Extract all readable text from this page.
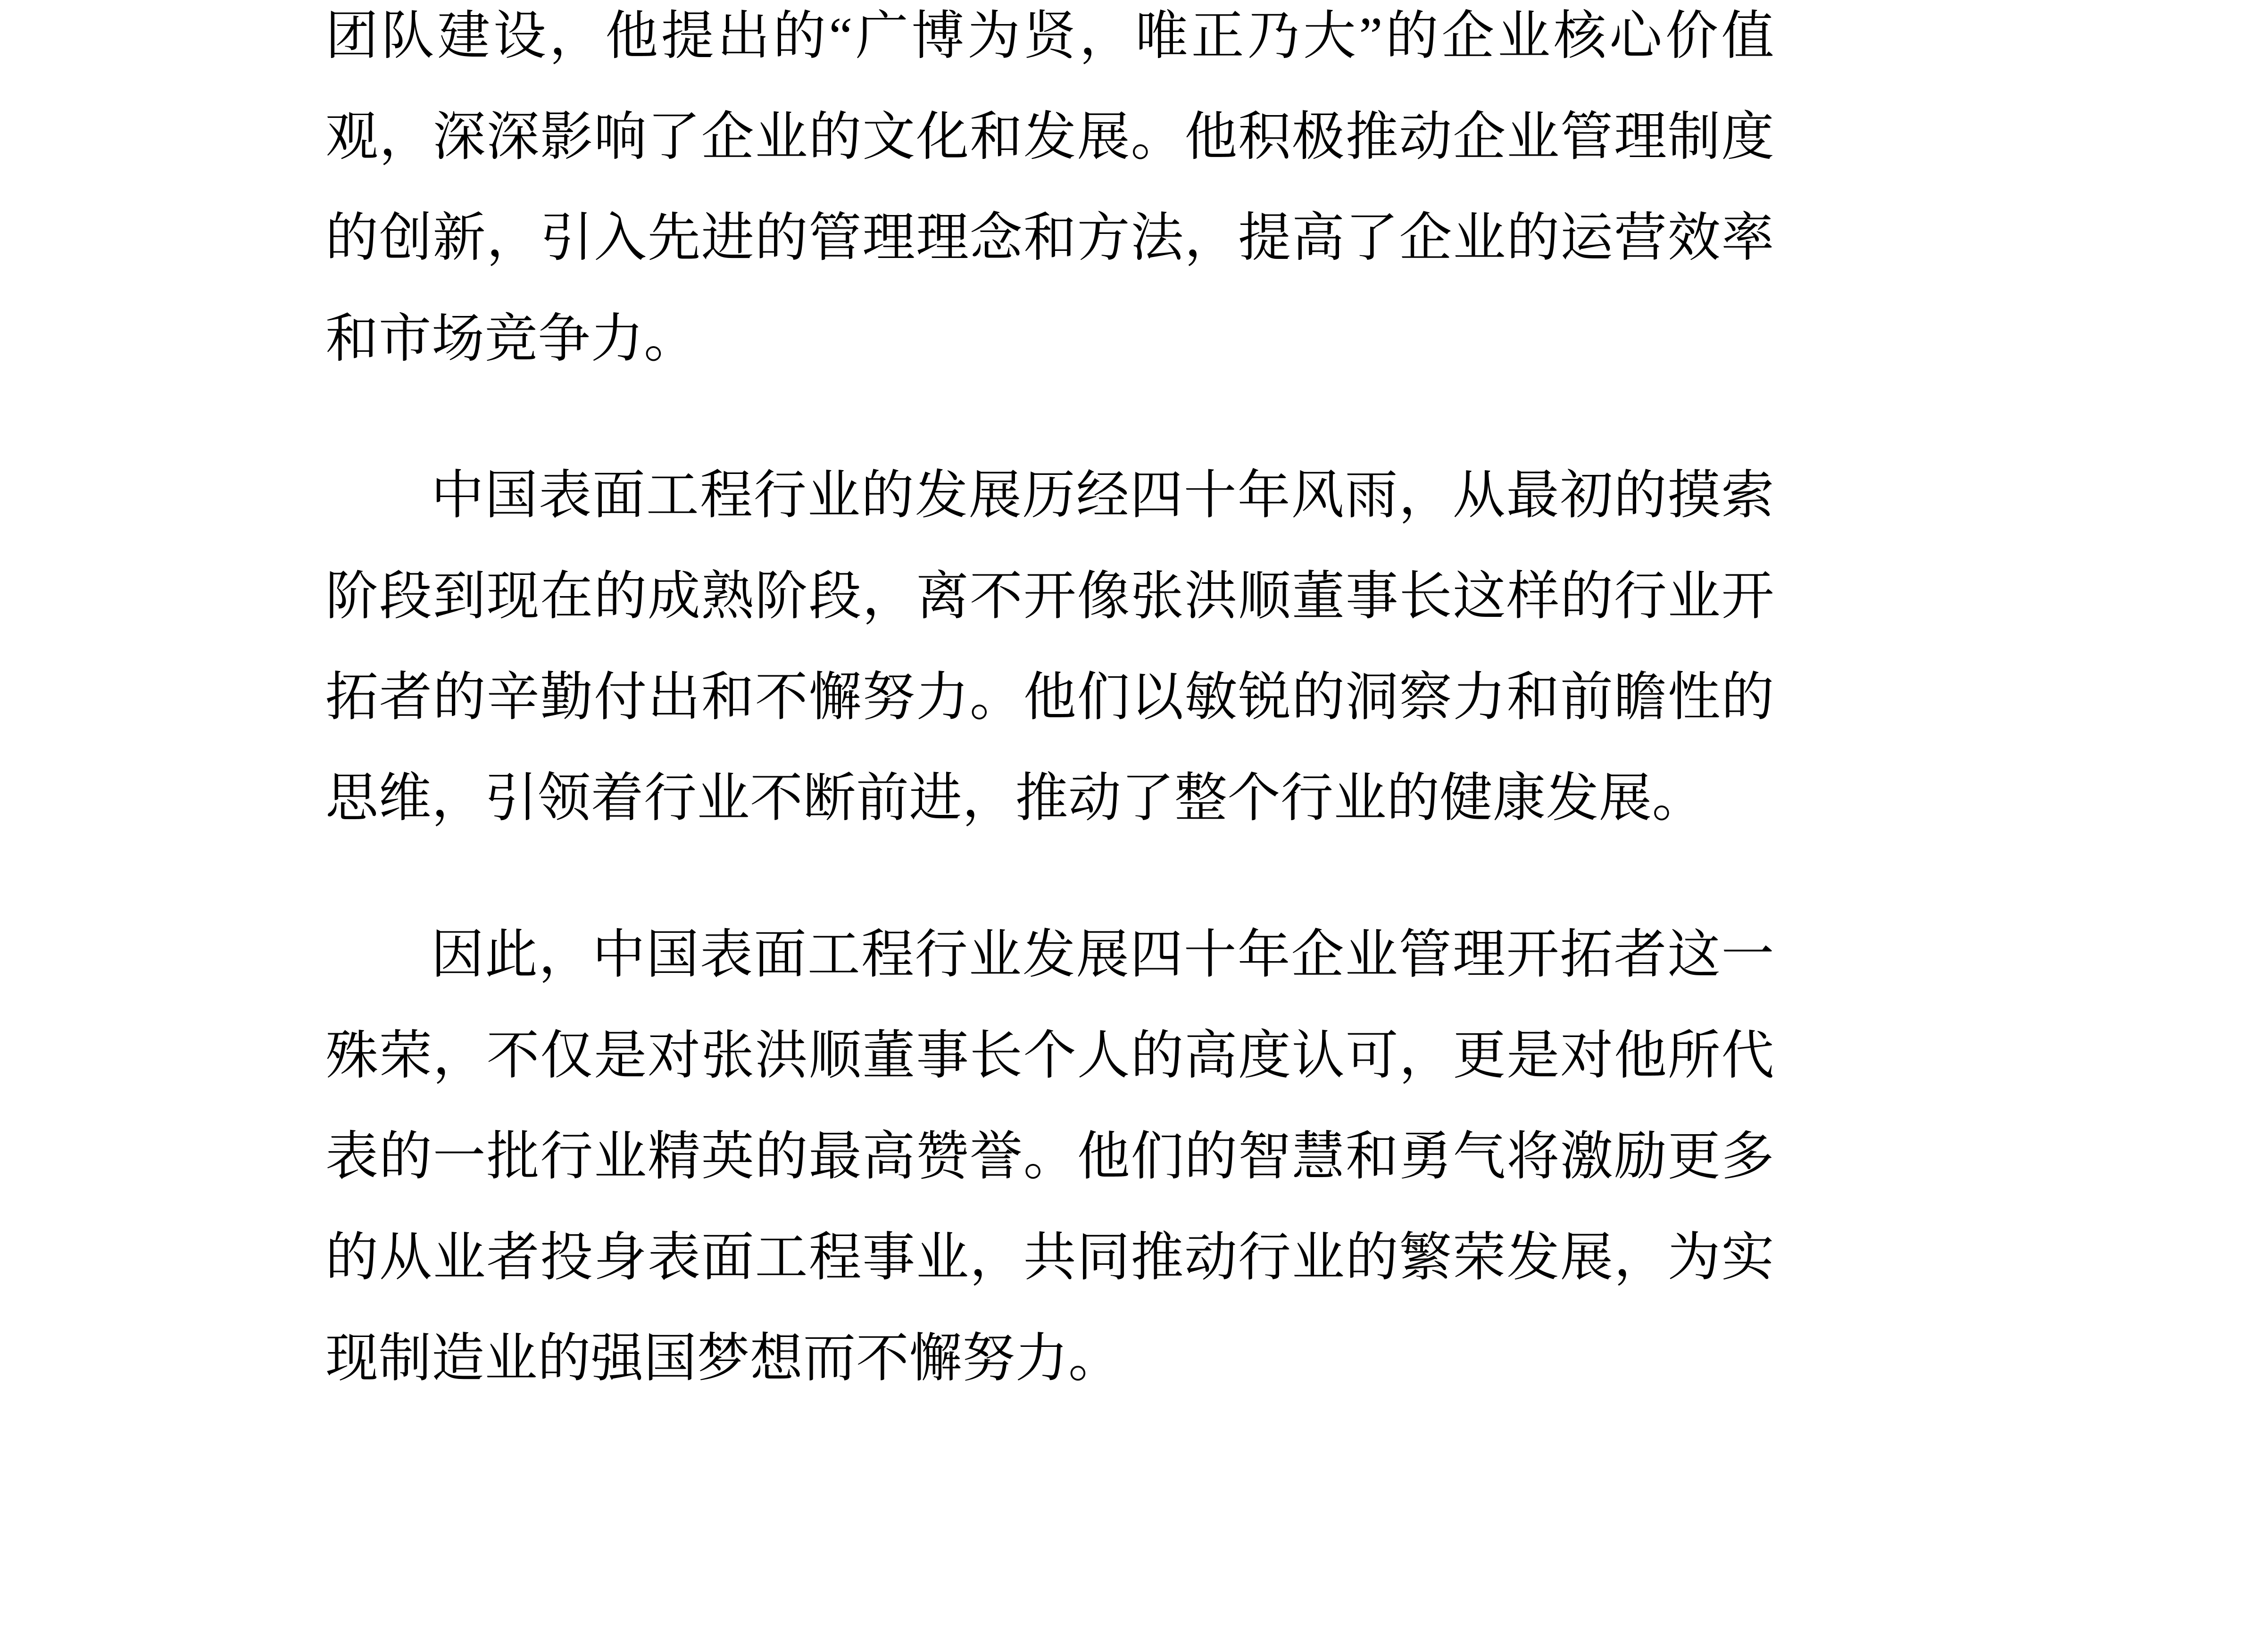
团队建设，他提出的“广博为贤，唯正乃大”的企业核心价值观，深深影响了企业的文化和发展。他积极推动企业管理制度的创新，引入先进的管理理念和方法，提高了企业的运营效率和市场竞争力。

中国表面工程行业的发展历经四十年风雨，从最初的摸索阶段到现在的成熟阶段，离不开像张洪顺董事长这样的行业开拓者的辛勤付出和不懈努力。他们以敏锐的洞察力和前瞻性的思维，引领着行业不断前进，推动了整个行业的健康发展。

因此，中国表面工程行业发展四十年企业管理开拓者这一殊荣，不仅是对张洪顺董事长个人的高度认可，更是对他所代表的一批行业精英的最高赞誉。他们的智慧和勇气将激励更多的从业者投身表面工程事业，共同推动行业的繁荣发展，为实现制造业的强国梦想而不懈努力。
